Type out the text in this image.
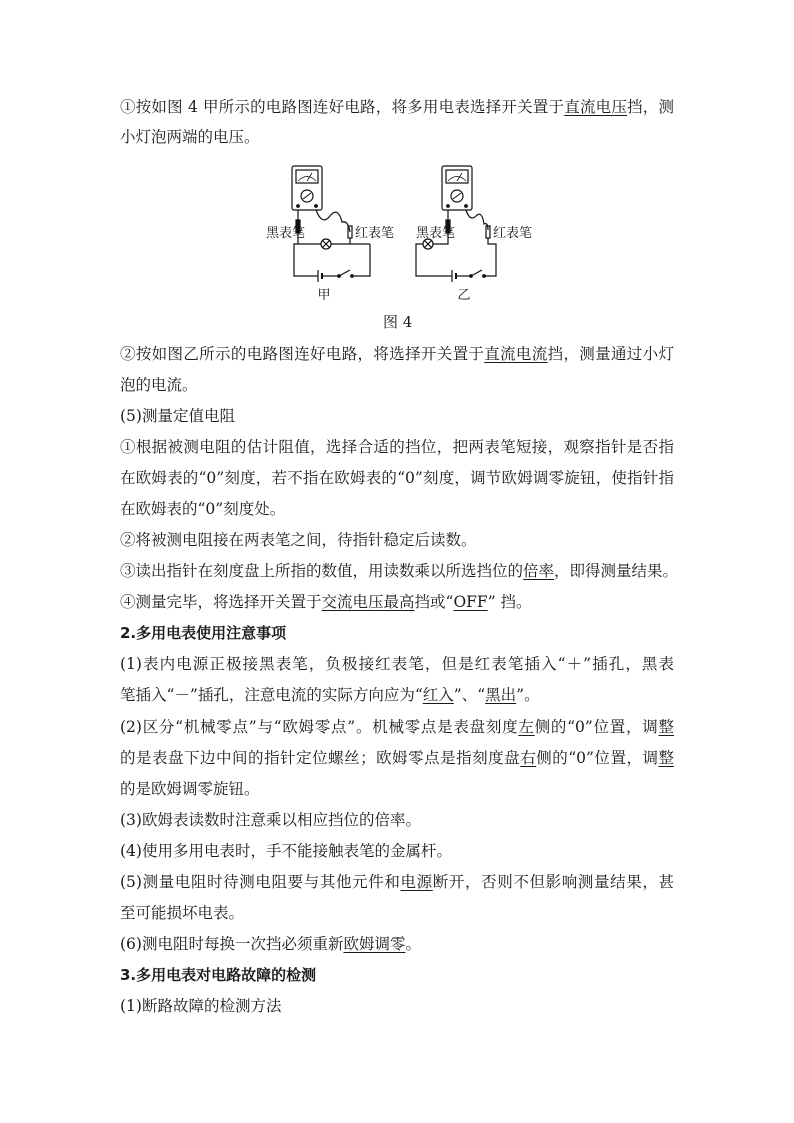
①按如图 4 甲所示的电路图连好电路，将多用电表选择开关置于直流电压挡，测
小灯泡两端的电压。
黑表笔	红表笔
甲
黑表笔	红表笔
乙
图 4
②按如图乙所示的电路图连好电路，将选择开关置于直流电流挡，测量通过小灯
泡的电流。
(5)测量定值电阻
①根据被测电阻的估计阻值，选择合适的挡位，把两表笔短接，观察指针是否指
在欧姆表的“0”刻度，若不指在欧姆表的“0”刻度，调节欧姆调零旋钮，使指针指
在欧姆表的“0”刻度处。
②将被测电阻接在两表笔之间，待指针稳定后读数。
③读出指针在刻度盘上所指的数值，用读数乘以所选挡位的倍率，即得测量结果。
④测量完毕，将选择开关置于交流电压最高挡或“OFF” 挡。
2.多用电表使用注意事项
(1)表内电源正极接黑表笔，负极接红表笔，但是红表笔插入“＋”插孔，黑表
笔插入“－”插孔，注意电流的实际方向应为“红入”、“黑出”。
(2)区分“机械零点”与“欧姆零点”。机械零点是表盘刻度左侧的“0”位置，调整
的是表盘下边中间的指针定位螺丝；欧姆零点是指刻度盘右侧的“0”位置，调整
的是欧姆调零旋钮。
(3)欧姆表读数时注意乘以相应挡位的倍率。
(4)使用多用电表时，手不能接触表笔的金属杆。
(5)测量电阻时待测电阻要与其他元件和电源断开，否则不但影响测量结果，甚
至可能损坏电表。
(6)测电阻时每换一次挡必须重新欧姆调零。
3.多用电表对电路故障的检测
(1)断路故障的检测方法
